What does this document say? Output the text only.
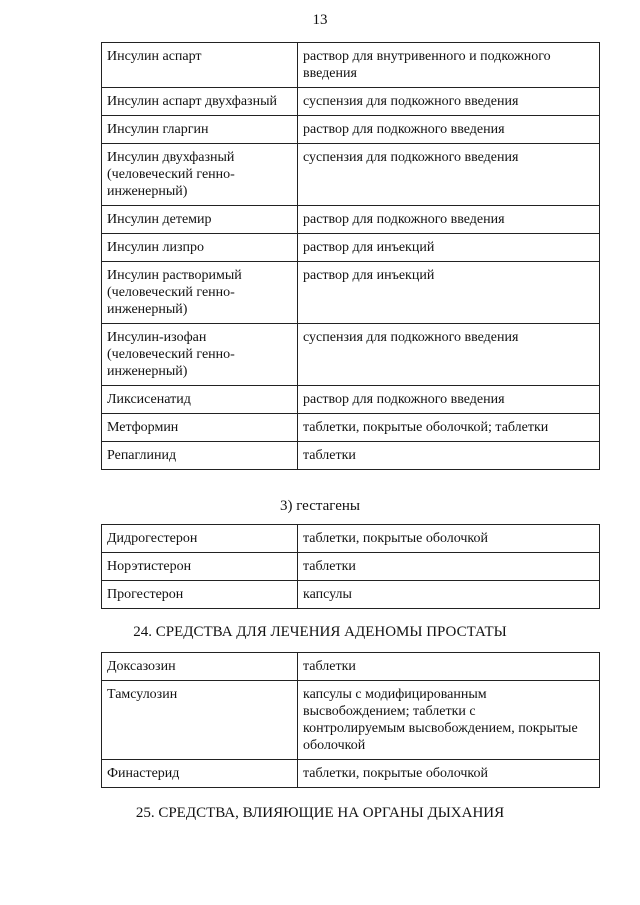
13
Инсулин аспарт	раствор для внутривенного и подкожного
введения

Инсулин аспарт двухфазный	суспензия для подкожного введения

Инсулин гларгин	раствор для подкожного введения

Инсулин двухфазный
(человеческий генно-
инженерный)	суспензия для подкожного введения

Инсулин детемир	раствор для подкожного введения

Инсулин лизпро	раствор для инъекций

Инсулин растворимый
(человеческий генно-
инженерный)	раствор для инъекций

Инсулин-изофан
(человеческий генно-
инженерный)	суспензия для подкожного введения

Ликсисенатид	раствор для подкожного введения

Метформин	таблетки, покрытые оболочкой; таблетки

Репаглинид	таблетки
3) гестагены
Дидрогестерон	таблетки, покрытые оболочкой

Норэтистерон	таблетки

Прогестерон	капсулы
24. СРЕДСТВА ДЛЯ ЛЕЧЕНИЯ АДЕНОМЫ ПРОСТАТЫ
Доксазозин	таблетки

Тамсулозин	капсулы с модифицированным
высвобождением; таблетки с
контролируемым высвобождением, покрытые
оболочкой

Финастерид	таблетки, покрытые оболочкой
25. СРЕДСТВА, ВЛИЯЮЩИЕ НА ОРГАНЫ ДЫХАНИЯ
